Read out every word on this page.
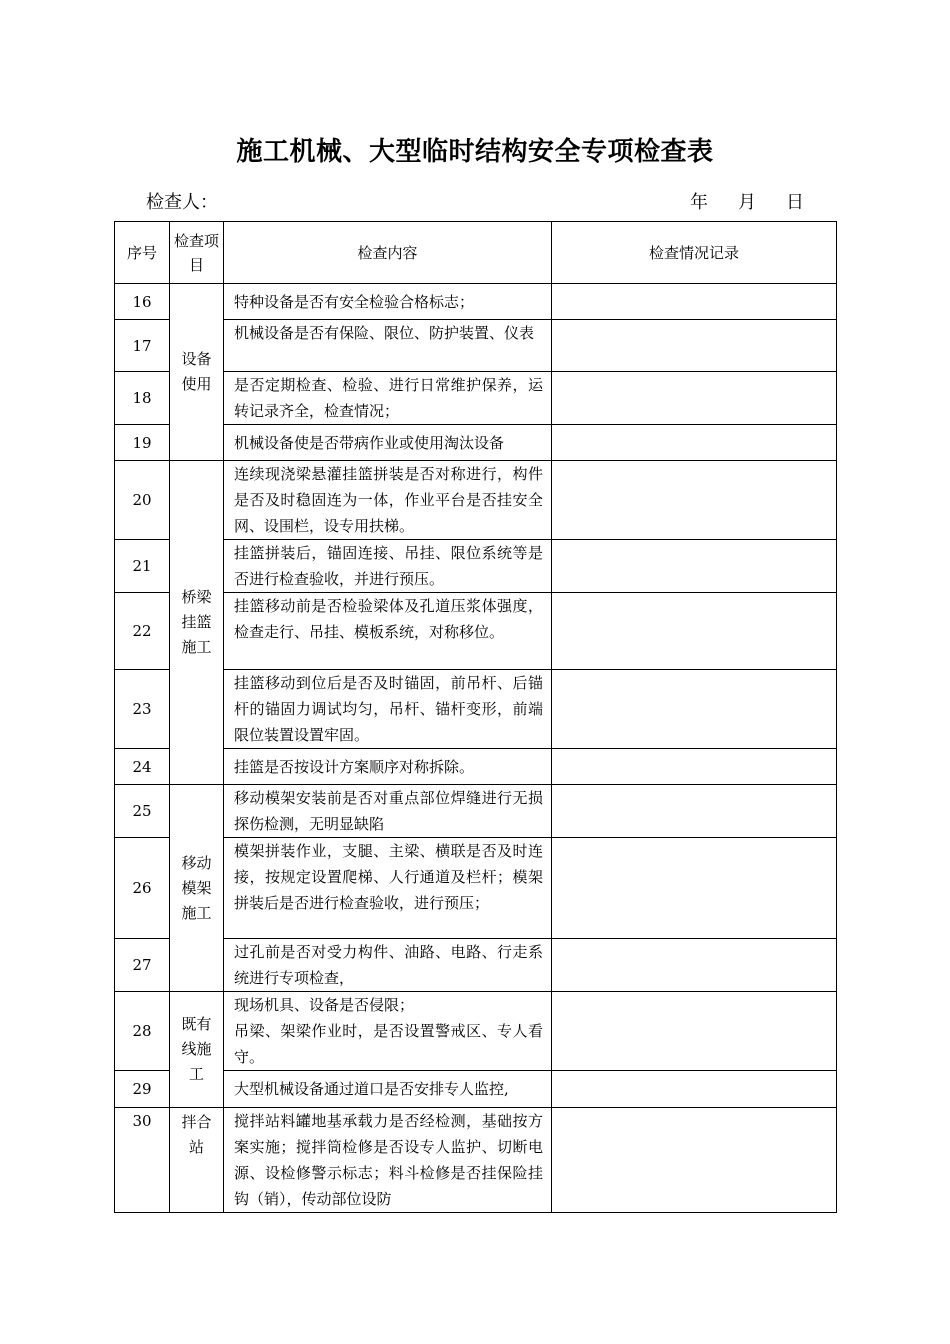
施工机械、大型临时结构安全专项检查表
检查人：	年 月 日
序号	检查项目	检查内容	检查情况记录
16	设备使用	特种设备是否有安全检验合格标志；	
17		机械设备是否有保险、限位、防护装置、仪表	
18		是否定期检查、检验、进行日常维护保养，运转记录齐全，检查情况；	
19		机械设备使是否带病作业或使用淘汰设备	
20	桥梁挂篮施工	连续现浇梁悬灌挂篮拼装是否对称进行，构件是否及时稳固连为一体，作业平台是否挂安全网、设围栏，设专用扶梯。	
21		挂篮拼装后，锚固连接、吊挂、限位系统等是否进行检查验收，并进行预压。	
22		挂篮移动前是否检验梁体及孔道压浆体强度，检查走行、吊挂、模板系统，对称移位。	
23		挂篮移动到位后是否及时锚固，前吊杆、后锚杆的锚固力调试均匀，吊杆、锚杆变形，前端限位装置设置牢固。	
24		挂篮是否按设计方案顺序对称拆除。	
25	移动模架施工	移动模架安装前是否对重点部位焊缝进行无损探伤检测，无明显缺陷	
26		模架拼装作业，支腿、主梁、横联是否及时连接，按规定设置爬梯、人行通道及栏杆；模架拼装后是否进行检查验收，进行预压；	
27		过孔前是否对受力构件、油路、电路、行走系统进行专项检查，	
28	既有线施工	现场机具、设备是否侵限；
吊梁、架梁作业时，是否设置警戒区、专人看守。	

29		大型机械设备通过道口是否安排专人监控,	
30	拌合站	搅拌站料罐地基承载力是否经检测，基础按方案实施；搅拌筒检修是否设专人监护、切断电源、设检修警示标志；料斗检修是否挂保险挂钩（销），传动部位设防	
